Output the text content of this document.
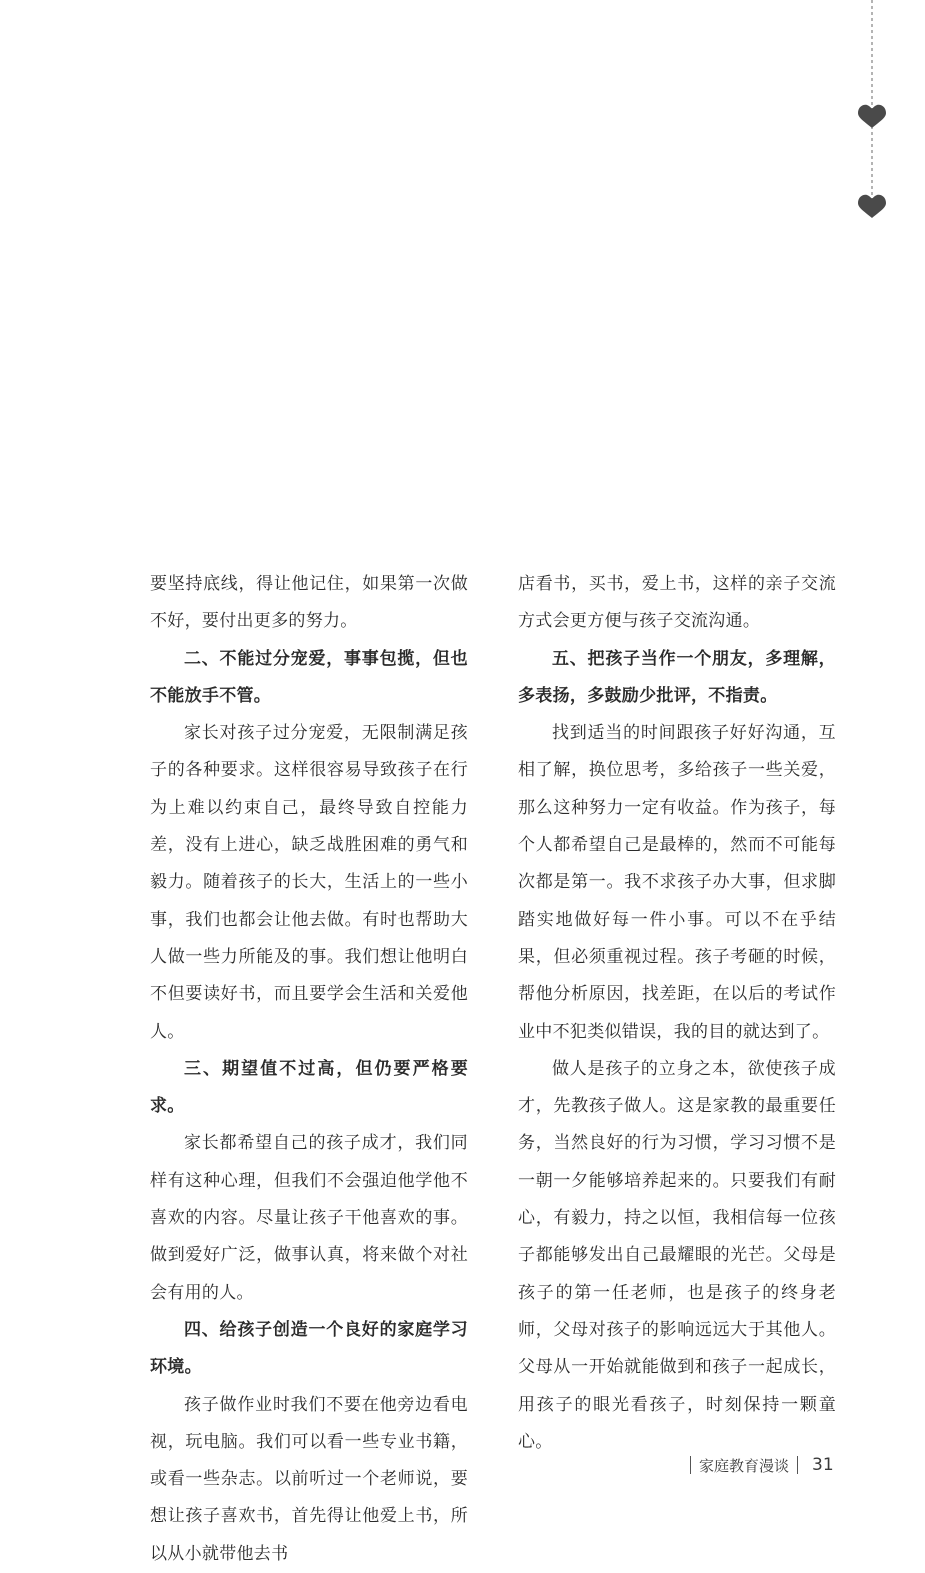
要坚持底线，得让他记住，如果第一次做不好，要付出更多的努力。

二、不能过分宠爱，事事包揽，但也不能放手不管。

家长对孩子过分宠爱，无限制满足孩子的各种要求。这样很容易导致孩子在行为上难以约束自己，最终导致自控能力差，没有上进心，缺乏战胜困难的勇气和毅力。随着孩子的长大，生活上的一些小事，我们也都会让他去做。有时也帮助大人做一些力所能及的事。我们想让他明白不但要读好书，而且要学会生活和关爱他人。

三、期望值不过高，但仍要严格要求。

家长都希望自己的孩子成才，我们同样有这种心理，但我们不会强迫他学他不喜欢的内容。尽量让孩子干他喜欢的事。做到爱好广泛，做事认真，将来做个对社会有用的人。

四、给孩子创造一个良好的家庭学习环境。

孩子做作业时我们不要在他旁边看电视，玩电脑。我们可以看一些专业书籍，或看一些杂志。以前听过一个老师说，要想让孩子喜欢书，首先得让他爱上书，所以从小就带他去书

店看书，买书，爱上书，这样的亲子交流方式会更方便与孩子交流沟通。

五、把孩子当作一个朋友，多理解，多表扬，多鼓励少批评，不指责。

找到适当的时间跟孩子好好沟通，互相了解，换位思考，多给孩子一些关爱，那么这种努力一定有收益。作为孩子，每个人都希望自己是最棒的，然而不可能每次都是第一。我不求孩子办大事，但求脚踏实地做好每一件小事。可以不在乎结果，但必须重视过程。孩子考砸的时候，帮他分析原因，找差距，在以后的考试作业中不犯类似错误，我的目的就达到了。

做人是孩子的立身之本，欲使孩子成才，先教孩子做人。这是家教的最重要任务，当然良好的行为习惯，学习习惯不是一朝一夕能够培养起来的。只要我们有耐心，有毅力，持之以恒，我相信每一位孩子都能够发出自己最耀眼的光芒。父母是孩子的第一任老师，也是孩子的终身老师，父母对孩子的影响远远大于其他人。父母从一开始就能做到和孩子一起成长，用孩子的眼光看孩子，时刻保持一颗童心。

家庭教育漫谈	31
